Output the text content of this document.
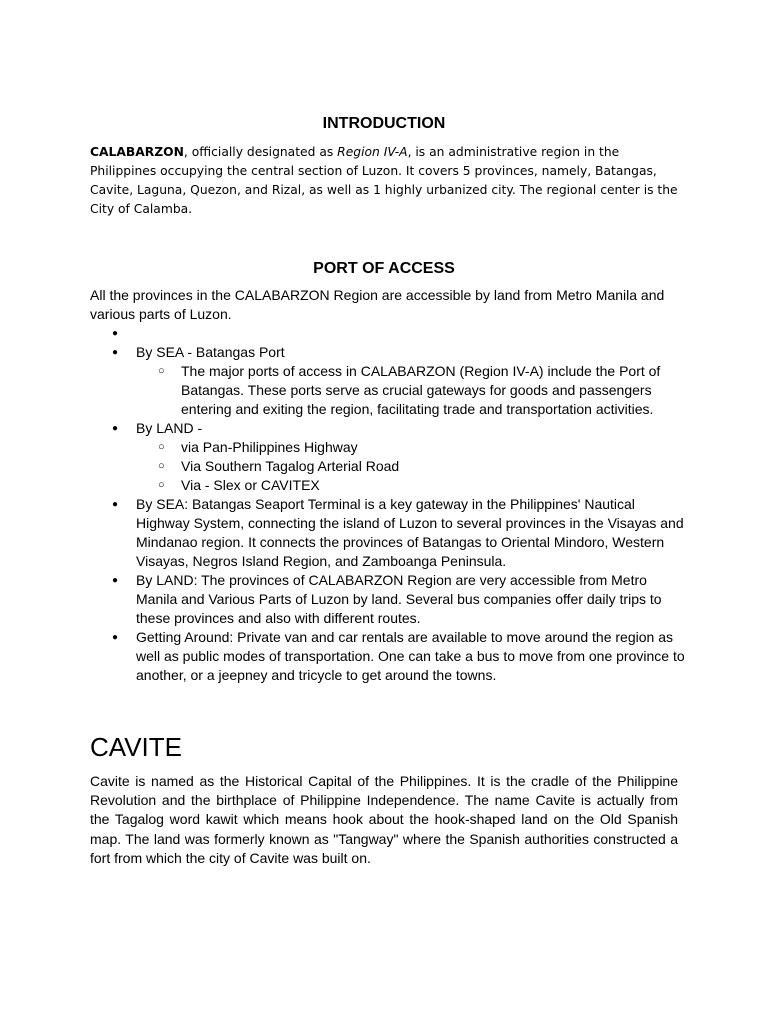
INTRODUCTION

CALABARZON, officially designated as Region IV-A, is an administrative region in the Philippines occupying the central section of Luzon. It covers 5 provinces, namely, Batangas, Cavite, Laguna, Quezon, and Rizal, as well as 1 highly urbanized city. The regional center is the City of Calamba.

PORT OF ACCESS

All the provinces in the CALABARZON Region are accessible by land from Metro Manila and various parts of Luzon.

●
● By SEA - Batangas Port
○ The major ports of access in CALABARZON (Region IV-A) include the Port of Batangas. These ports serve as crucial gateways for goods and passengers entering and exiting the region, facilitating trade and transportation activities.
● By LAND -
○ via Pan-Philippines Highway
○ Via Southern Tagalog Arterial Road
○ Via - Slex or CAVITEX
● By SEA: Batangas Seaport Terminal is a key gateway in the Philippines' Nautical Highway System, connecting the island of Luzon to several provinces in the Visayas and Mindanao region. It connects the provinces of Batangas to Oriental Mindoro, Western Visayas, Negros Island Region, and Zamboanga Peninsula.
● By LAND: The provinces of CALABARZON Region are very accessible from Metro Manila and Various Parts of Luzon by land. Several bus companies offer daily trips to these provinces and also with different routes.
● Getting Around: Private van and car rentals are available to move around the region as well as public modes of transportation. One can take a bus to move from one province to another, or a jeepney and tricycle to get around the towns.
CAVITE

Cavite is named as the Historical Capital of the Philippines. It is the cradle of the Philippine Revolution and the birthplace of Philippine Independence. The name Cavite is actually from the Tagalog word kawit which means hook about the hook-shaped land on the Old Spanish map. The land was formerly known as "Tangway" where the Spanish authorities constructed a fort from which the city of Cavite was built on.
